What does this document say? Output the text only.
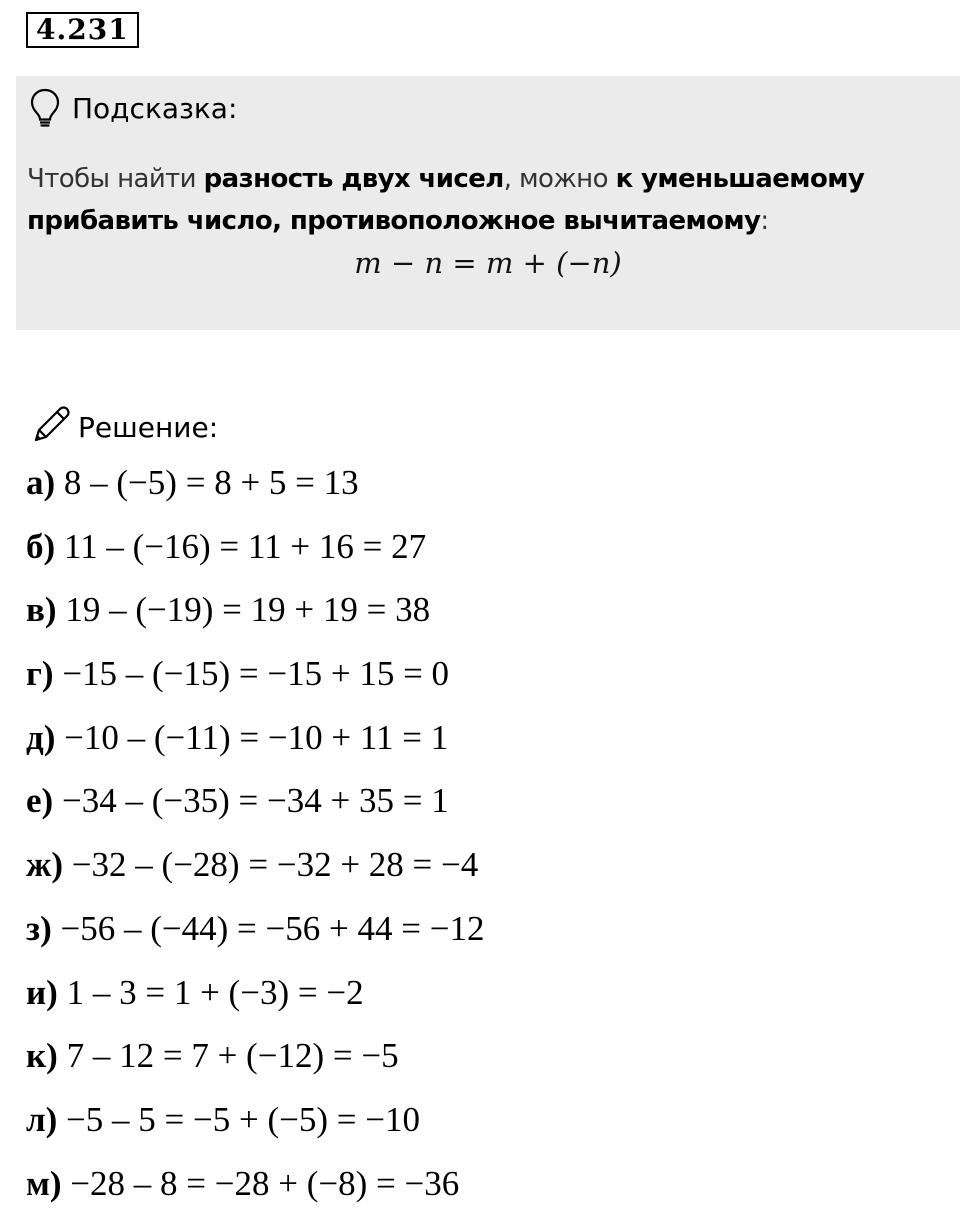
4.231
Подсказка:
Чтобы найти разность двух чисел, можно к уменьшаемому прибавить число, противоположное вычитаемому:
m − n = m + (−n)
Решение:
а) 8 – (−5) = 8 + 5 = 13
б) 11 – (−16) = 11 + 16 = 27
в) 19 – (−19) = 19 + 19 = 38
г) −15 – (−15) = −15 + 15 = 0
д) −10 – (−11) = −10 + 11 = 1
е) −34 – (−35) = −34 + 35 = 1
ж) −32 – (−28) = −32 + 28 = −4
з) −56 – (−44) = −56 + 44 = −12
и) 1 – 3 = 1 + (−3) = −2
к) 7 – 12 = 7 + (−12) = −5
л) −5 – 5 = −5 + (−5) = −10
м) −28 – 8 = −28 + (−8) = −36
